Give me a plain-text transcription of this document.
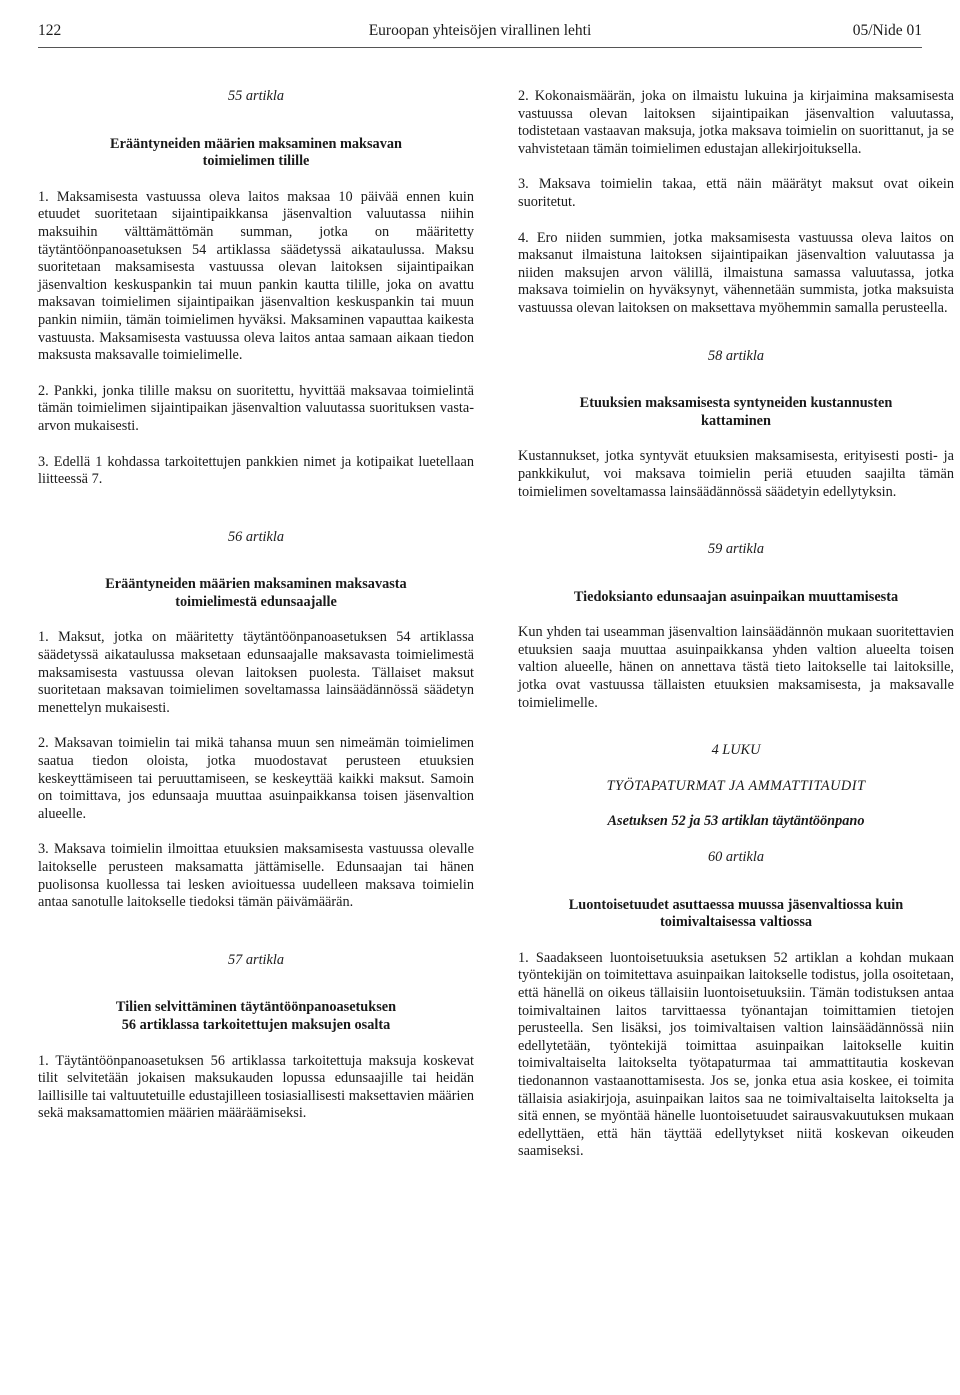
122	Euroopan yhteisöjen virallinen lehti	05/Nide 01

55 artikla

Erääntyneiden määrien maksaminen maksavan

toimielimen tilille

1. Maksamisesta vastuussa oleva laitos maksaa 10 päivää ennen kuin etuudet suoritetaan sijaintipaikkansa jäsenvaltion valuutassa niihin maksuihin välttämättömän summan, jotka on määritetty täytäntöönpanoasetuksen 54 artiklassa säädetyssä aikataulussa. Maksu suoritetaan maksamisesta vastuussa olevan laitoksen sijaintipaikan jäsenvaltion keskuspankin tai muun pankin kautta tilille, joka on avattu maksavan toimielimen sijaintipaikan jäsenvaltion keskuspankin tai muun pankin nimiin, tämän toimielimen hyväksi. Maksaminen vapauttaa kaikesta vastuusta. Maksamisesta vastuussa oleva laitos antaa samaan aikaan tiedon maksusta maksavalle toimielimelle.

2. Pankki, jonka tilille maksu on suoritettu, hyvittää maksavaa toimielintä tämän toimielimen sijaintipaikan jäsenvaltion valuutassa suorituksen vasta-arvon mukaisesti.

3. Edellä 1 kohdassa tarkoitettujen pankkien nimet ja kotipaikat luetellaan liitteessä 7.

56 artikla

Erääntyneiden määrien maksaminen maksavasta

toimielimestä edunsaajalle

1. Maksut, jotka on määritetty täytäntöönpanoasetuksen 54 artiklassa säädetyssä aikataulussa maksetaan edunsaajalle maksavasta toimielimestä maksamisesta vastuussa olevan laitoksen puolesta. Tällaiset maksut suoritetaan maksavan toimielimen soveltamassa lainsäädännössä säädetyn menettelyn mukaisesti.

2. Maksavan toimielin tai mikä tahansa muun sen nimeämän toimielimen saatua tiedon oloista, jotka muodostavat perusteen etuuksien keskeyttämiseen tai peruuttamiseen, se keskeyttää kaikki maksut. Samoin on toimittava, jos edunsaaja muuttaa asuinpaikkansa toisen jäsenvaltion alueelle.

3. Maksava toimielin ilmoittaa etuuksien maksamisesta vastuussa olevalle laitokselle perusteen maksamatta jättämiselle. Edunsaajan tai hänen puolisonsa kuollessa tai lesken avioituessa uudelleen maksava toimielin antaa sanotulle laitokselle tiedoksi tämän päivämäärän.

57 artikla

Tilien selvittäminen täytäntöönpanoasetuksen

56 artiklassa tarkoitettujen maksujen osalta

1. Täytäntöönpanoasetuksen 56 artiklassa tarkoitettuja maksuja koskevat tilit selvitetään jokaisen maksukauden lopussa edunsaajille tai heidän laillisille tai valtuutetuille edustajilleen tosiasiallisesti maksettavien määrien sekä maksamattomien määrien määräämiseksi.

2. Kokonaismäärän, joka on ilmaistu lukuina ja kirjaimina maksamisesta vastuussa olevan laitoksen sijaintipaikan jäsenvaltion valuutassa, todistetaan vastaavan maksuja, jotka maksava toimielin on suorittanut, ja se vahvistetaan tämän toimielimen edustajan allekirjoituksella.

3. Maksava toimielin takaa, että näin määrätyt maksut ovat oikein suoritetut.

4. Ero niiden summien, jotka maksamisesta vastuussa oleva laitos on maksanut ilmaistuna laitoksen sijaintipaikan jäsenvaltion valuutassa ja niiden maksujen arvon välillä, ilmaistuna samassa valuutassa, jotka maksava toimielin on hyväksynyt, vähennetään summista, jotka maksuista vastuussa olevan laitoksen on maksettava myöhemmin samalla perusteella.

58 artikla

Etuuksien maksamisesta syntyneiden kustannusten

kattaminen

Kustannukset, jotka syntyvät etuuksien maksamisesta, erityisesti posti- ja pankkikulut, voi maksava toimielin periä etuuden saajilta tämän toimielimen soveltamassa lainsäädännössä säädetyin edellytyksin.

59 artikla

Tiedoksianto edunsaajan asuinpaikan muuttamisesta

Kun yhden tai useamman jäsenvaltion lainsäädännön mukaan suoritettavien etuuksien saaja muuttaa asuinpaikkansa yhden valtion alueelta toisen valtion alueelle, hänen on annettava tästä tieto laitokselle tai laitoksille, jotka ovat vastuussa tällaisten etuuksien maksamisesta, ja maksavalle toimielimelle.

4 LUKU

TYÖTAPATURMAT JA AMMATTITAUDIT

Asetuksen 52 ja 53 artiklan täytäntöönpano

60 artikla

Luontoisetuudet asuttaessa muussa jäsenvaltiossa kuin

toimivaltaisessa valtiossa

1. Saadakseen luontoisetuuksia asetuksen 52 artiklan a kohdan mukaan työntekijän on toimitettava asuinpaikan laitokselle todistus, jolla osoitetaan, että hänellä on oikeus tällaisiin luontoisetuuksiin. Tämän todistuksen antaa toimivaltainen laitos tarvittaessa työnantajan toimittamien tietojen perusteella. Sen lisäksi, jos toimivaltaisen valtion lainsäädännössä niin edellytetään, työntekijä toimittaa asuinpaikan laitokselle kuitin toimivaltaiselta laitokselta työtapaturmaa tai ammattitautia koskevan tiedonannon vastaanottamisesta. Jos se, jonka etua asia koskee, ei toimita tällaisia asiakirjoja, asuinpaikan laitos saa ne toimivaltaiselta laitokselta ja sitä ennen, se myöntää hänelle luontoisetuudet sairausvakuutuksen mukaan edellyttäen, että hän täyttää edellytykset niitä koskevan oikeuden saamiseksi.
